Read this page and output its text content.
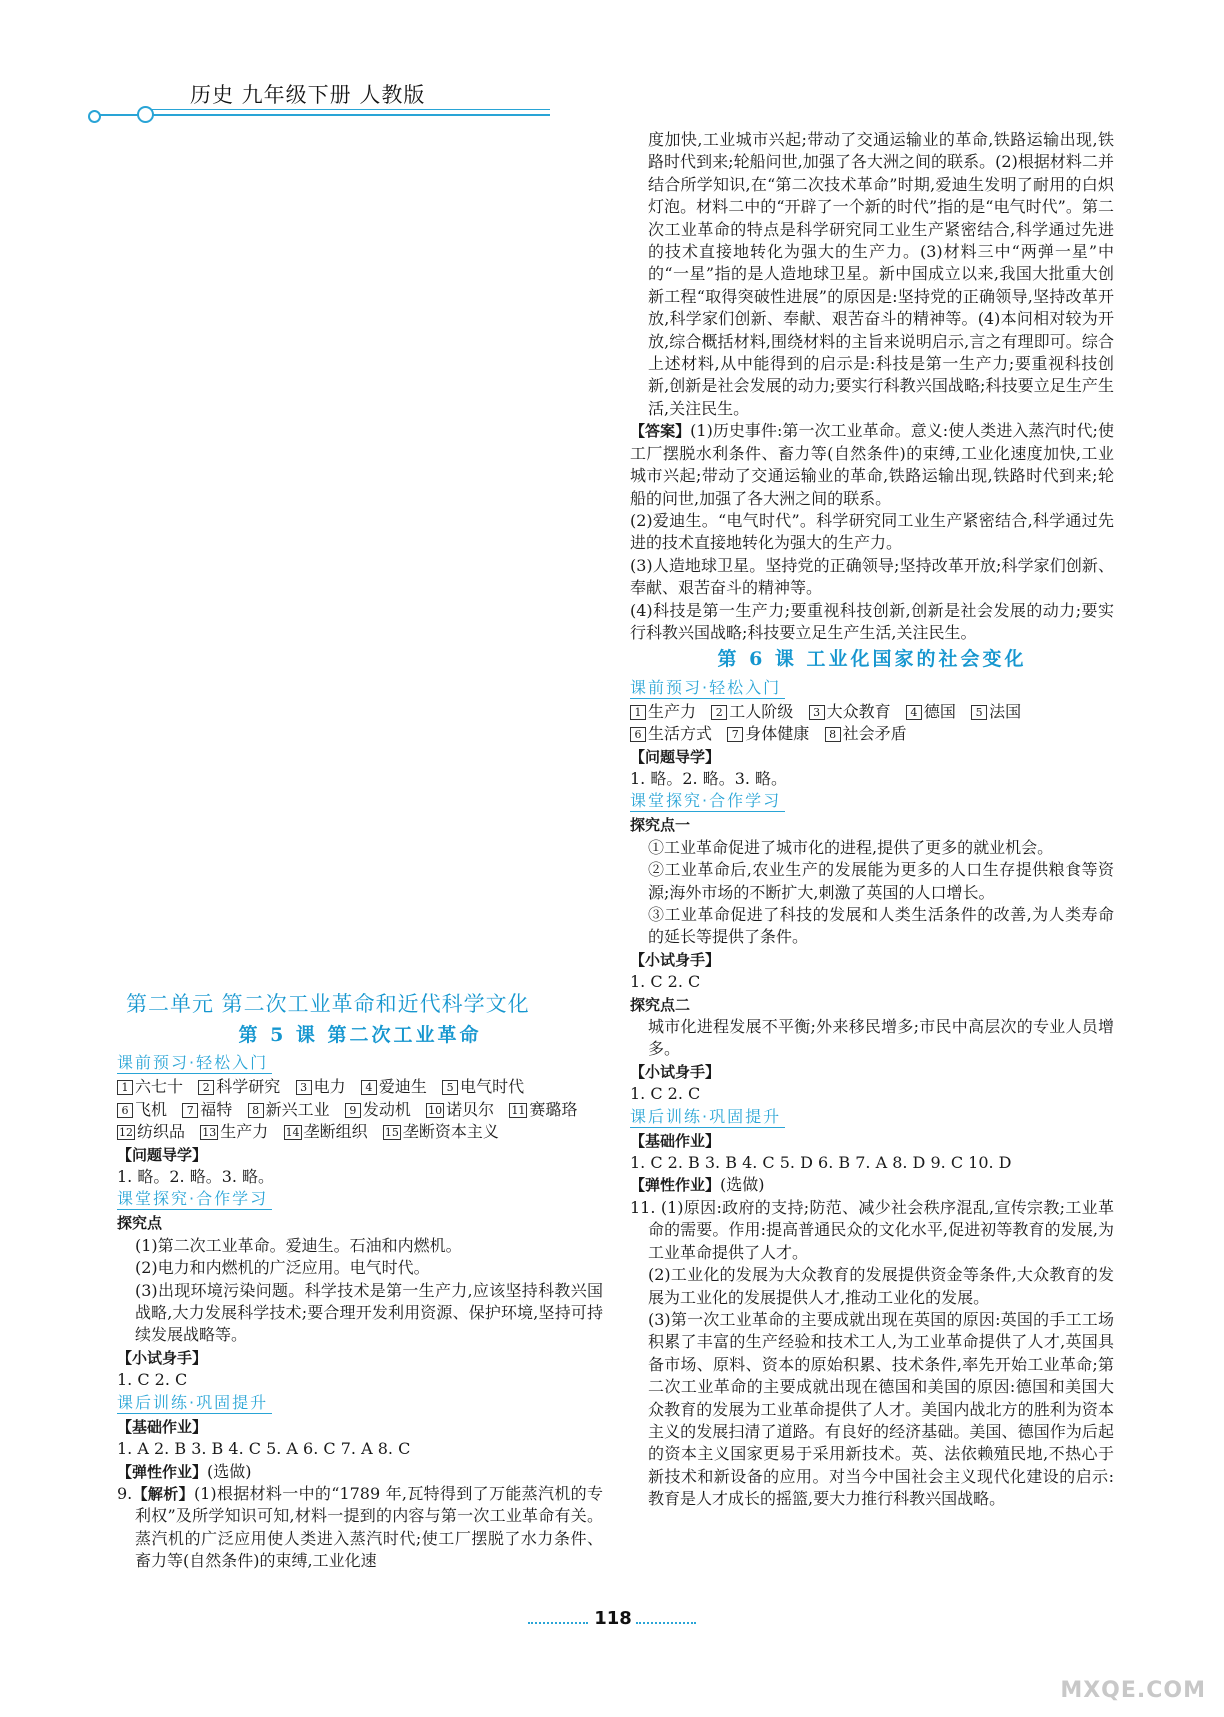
历史 九年级下册 人教版
第二单元 第二次工业革命和近代科学文化

第 5 课 第二次工业革命

课前预习·轻松入门

1 六七十 2 科学研究 3 电力 4 爱迪生 5 电气时代
6 飞机 7 福特 8 新兴工业 9 发动机 10 诺贝尔 11 赛璐珞
12 纺织品 13 生产力 14 垄断组织 15 垄断资本主义

【问题导学】

1. 略。2. 略。3. 略。

课堂探究·合作学习

探究点

(1)第二次工业革命。爱迪生。石油和内燃机。

(2)电力和内燃机的广泛应用。电气时代。

(3)出现环境污染问题。科学技术是第一生产力,应该坚持科教兴国战略,大力发展科学技术;要合理开发利用资源、保护环境,坚持可持续发展战略等。

【小试身手】

1. C 2. C

课后训练·巩固提升

【基础作业】

1. A 2. B 3. B 4. C 5. A 6. C 7. A 8. C

【弹性作业】(选做)

9.【解析】(1)根据材料一中的“1789 年,瓦特得到了万能蒸汽机的专利权”及所学知识可知,材料一提到的内容与第一次工业革命有关。蒸汽机的广泛应用使人类进入蒸汽时代;使工厂摆脱了水力条件、畜力等(自然条件)的束缚,工业化速

度加快,工业城市兴起;带动了交通运输业的革命,铁路运输出现,铁路时代到来;轮船问世,加强了各大洲之间的联系。(2)根据材料二并结合所学知识,在“第二次技术革命”时期,爱迪生发明了耐用的白炽灯泡。材料二中的“开辟了一个新的时代”指的是“电气时代”。第二次工业革命的特点是科学研究同工业生产紧密结合,科学通过先进的技术直接地转化为强大的生产力。(3)材料三中“两弹一星”中的“一星”指的是人造地球卫星。新中国成立以来,我国大批重大创新工程“取得突破性进展”的原因是:坚持党的正确领导,坚持改革开放,科学家们创新、奉献、艰苦奋斗的精神等。(4)本问相对较为开放,综合概括材料,围绕材料的主旨来说明启示,言之有理即可。综合上述材料,从中能得到的启示是:科技是第一生产力;要重视科技创新,创新是社会发展的动力;要实行科教兴国战略;科技要立足生产生活,关注民生。

【答案】(1)历史事件:第一次工业革命。意义:使人类进入蒸汽时代;使工厂摆脱水利条件、畜力等(自然条件)的束缚,工业化速度加快,工业城市兴起;带动了交通运输业的革命,铁路运输出现,铁路时代到来;轮船的问世,加强了各大洲之间的联系。

(2)爱迪生。“电气时代”。科学研究同工业生产紧密结合,科学通过先进的技术直接地转化为强大的生产力。

(3)人造地球卫星。坚持党的正确领导;坚持改革开放;科学家们创新、奉献、艰苦奋斗的精神等。

(4)科技是第一生产力;要重视科技创新,创新是社会发展的动力;要实行科教兴国战略;科技要立足生产生活,关注民生。

第 6 课 工业化国家的社会变化

课前预习·轻松入门

1 生产力 2 工人阶级 3 大众教育 4 德国 5 法国
6 生活方式 7 身体健康 8 社会矛盾

【问题导学】

1. 略。2. 略。3. 略。

课堂探究·合作学习

探究点一

①工业革命促进了城市化的进程,提供了更多的就业机会。

②工业革命后,农业生产的发展能为更多的人口生存提供粮食等资源;海外市场的不断扩大,刺激了英国的人口增长。

③工业革命促进了科技的发展和人类生活条件的改善,为人类寿命的延长等提供了条件。

【小试身手】

1. C 2. C

探究点二

城市化进程发展不平衡;外来移民增多;市民中高层次的专业人员增多。

【小试身手】

1. C 2. C

课后训练·巩固提升

【基础作业】

1. C 2. B 3. B 4. C 5. D 6. B 7. A 8. D 9. C 10. D

【弹性作业】(选做)

11. (1)原因:政府的支持;防范、减少社会秩序混乱,宣传宗教;工业革命的需要。作用:提高普通民众的文化水平,促进初等教育的发展,为工业革命提供了人才。

(2)工业化的发展为大众教育的发展提供资金等条件,大众教育的发展为工业化的发展提供人才,推动工业化的发展。

(3)第一次工业革命的主要成就出现在英国的原因:英国的手工工场积累了丰富的生产经验和技术工人,为工业革命提供了人才,英国具备市场、原料、资本的原始积累、技术条件,率先开始工业革命;第二次工业革命的主要成就出现在德国和美国的原因:德国和美国大众教育的发展为工业革命提供了人才。美国内战北方的胜利为资本主义的发展扫清了道路。有良好的经济基础。美国、德国作为后起的资本主义国家更易于采用新技术。英、法依赖殖民地,不热心于新技术和新设备的应用。对当今中国社会主义现代化建设的启示:教育是人才成长的摇篮,要大力推行科教兴国战略。

118
MXQE.COM
